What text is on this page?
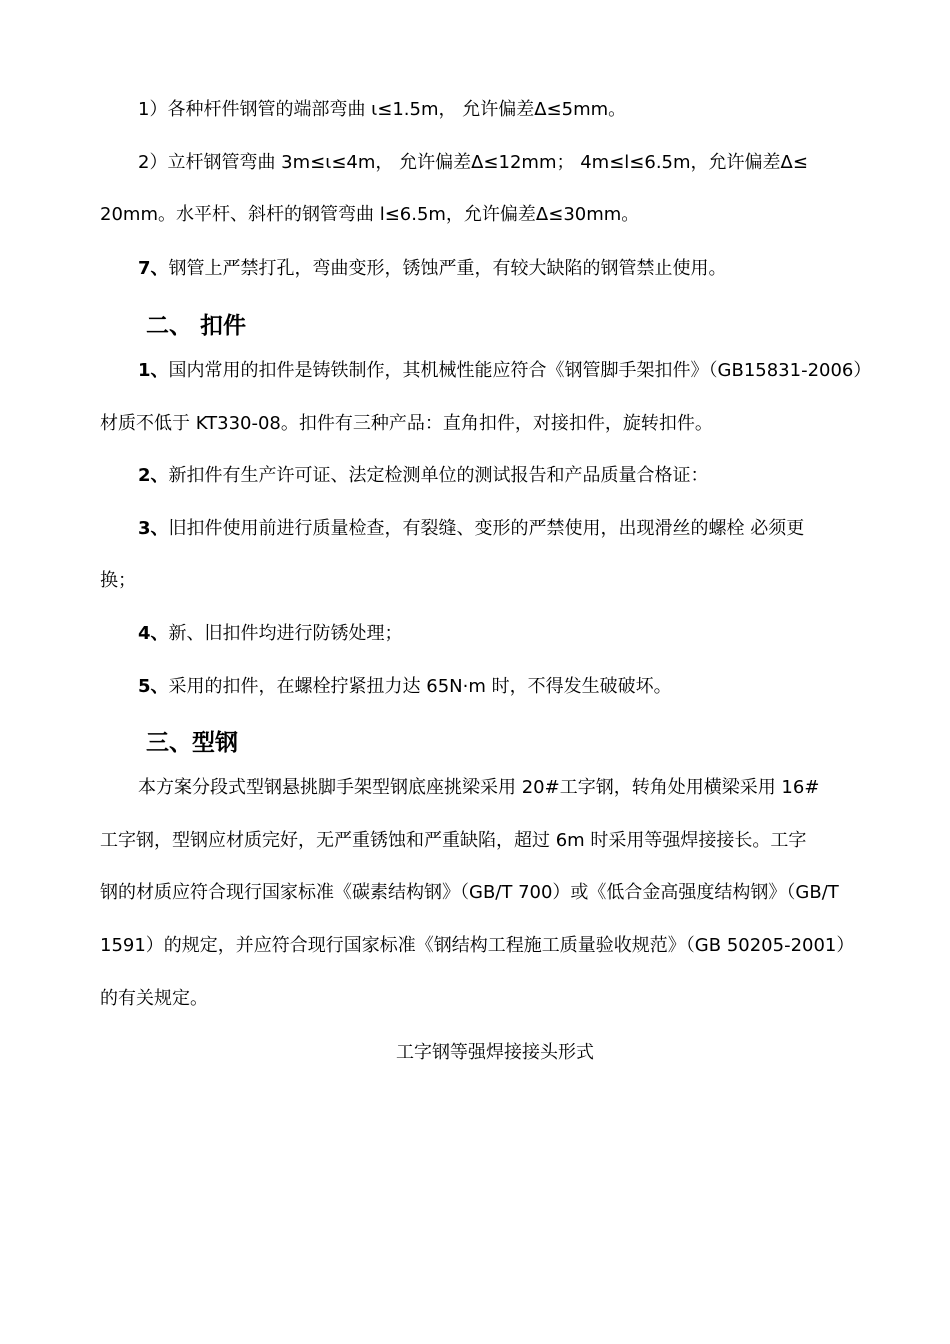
1）各种杆件钢管的端部弯曲 ι≤1.5m， 允许偏差Δ≤5mm。
2）立杆钢管弯曲 3m≤ι≤4m， 允许偏差Δ≤12mm； 4m≤l≤6.5m，允许偏差Δ≤
20mm。水平杆、斜杆的钢管弯曲 l≤6.5m，允许偏差Δ≤30mm。
7、钢管上严禁打孔，弯曲变形，锈蚀严重，有较大缺陷的钢管禁止使用。
二、 扣件
1、国内常用的扣件是铸铁制作，其机械性能应符合《钢管脚手架扣件》（GB15831-2006）
材质不低于 KT330-08。扣件有三种产品：直角扣件，对接扣件，旋转扣件。
2、新扣件有生产许可证、法定检测单位的测试报告和产品质量合格证：
3、旧扣件使用前进行质量检查，有裂缝、变形的严禁使用，出现滑丝的螺栓 必须更
换；
4、新、旧扣件均进行防锈处理；
5、采用的扣件，在螺栓拧紧扭力达 65N·m 时，不得发生破破坏。
三、型钢
本方案分段式型钢悬挑脚手架型钢底座挑梁采用 20#工字钢，转角处用横梁采用 16#
工字钢，型钢应材质完好，无严重锈蚀和严重缺陷，超过 6m 时采用等强焊接接长。工字
钢的材质应符合现行国家标准《碳素结构钢》（GB/T 700）或《低合金高强度结构钢》（GB/T
1591）的规定，并应符合现行国家标准《钢结构工程施工质量验收规范》（GB 50205-2001）
的有关规定。
工字钢等强焊接接头形式
